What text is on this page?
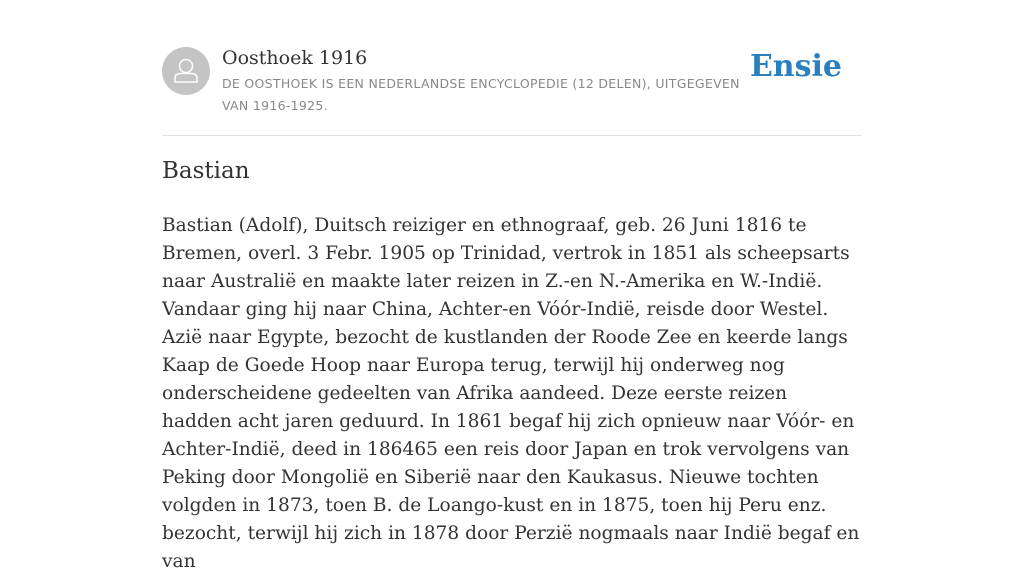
Oosthoek 1916
DE OOSTHOEK IS EEN NEDERLANDSE ENCYCLOPEDIE (12 DELEN), UITGEGEVEN VAN 1916-1925.
Ensie
Bastian

Bastian (Adolf), Duitsch reiziger en ethnograaf, geb. 26 Juni 1816 te Bremen, overl. 3 Febr. 1905 op Trinidad, vertrok in 1851 als scheepsarts naar Australië en maakte later reizen in Z.-en N.-Amerika en W.-Indië. Vandaar ging hij naar China, Achter-en Vóór-Indië, reisde door Westel. Azië naar Egypte, bezocht de kustlanden der Roode Zee en keerde langs Kaap de Goede Hoop naar Europa terug, terwijl hij onderweg nog onderscheidene gedeelten van Afrika aandeed. Deze eerste reizen hadden acht jaren geduurd. In 1861 begaf hij zich opnieuw naar Vóór- en Achter-Indië, deed in 186465 een reis door Japan en trok vervolgens van Peking door Mongolië en Siberië naar den Kaukasus. Nieuwe tochten volgden in 1873, toen B. de Loango-kust en in 1875, toen hij Peru enz. bezocht, terwijl hij zich in 1878 door Perzië nogmaals naar Indië begaf en van
